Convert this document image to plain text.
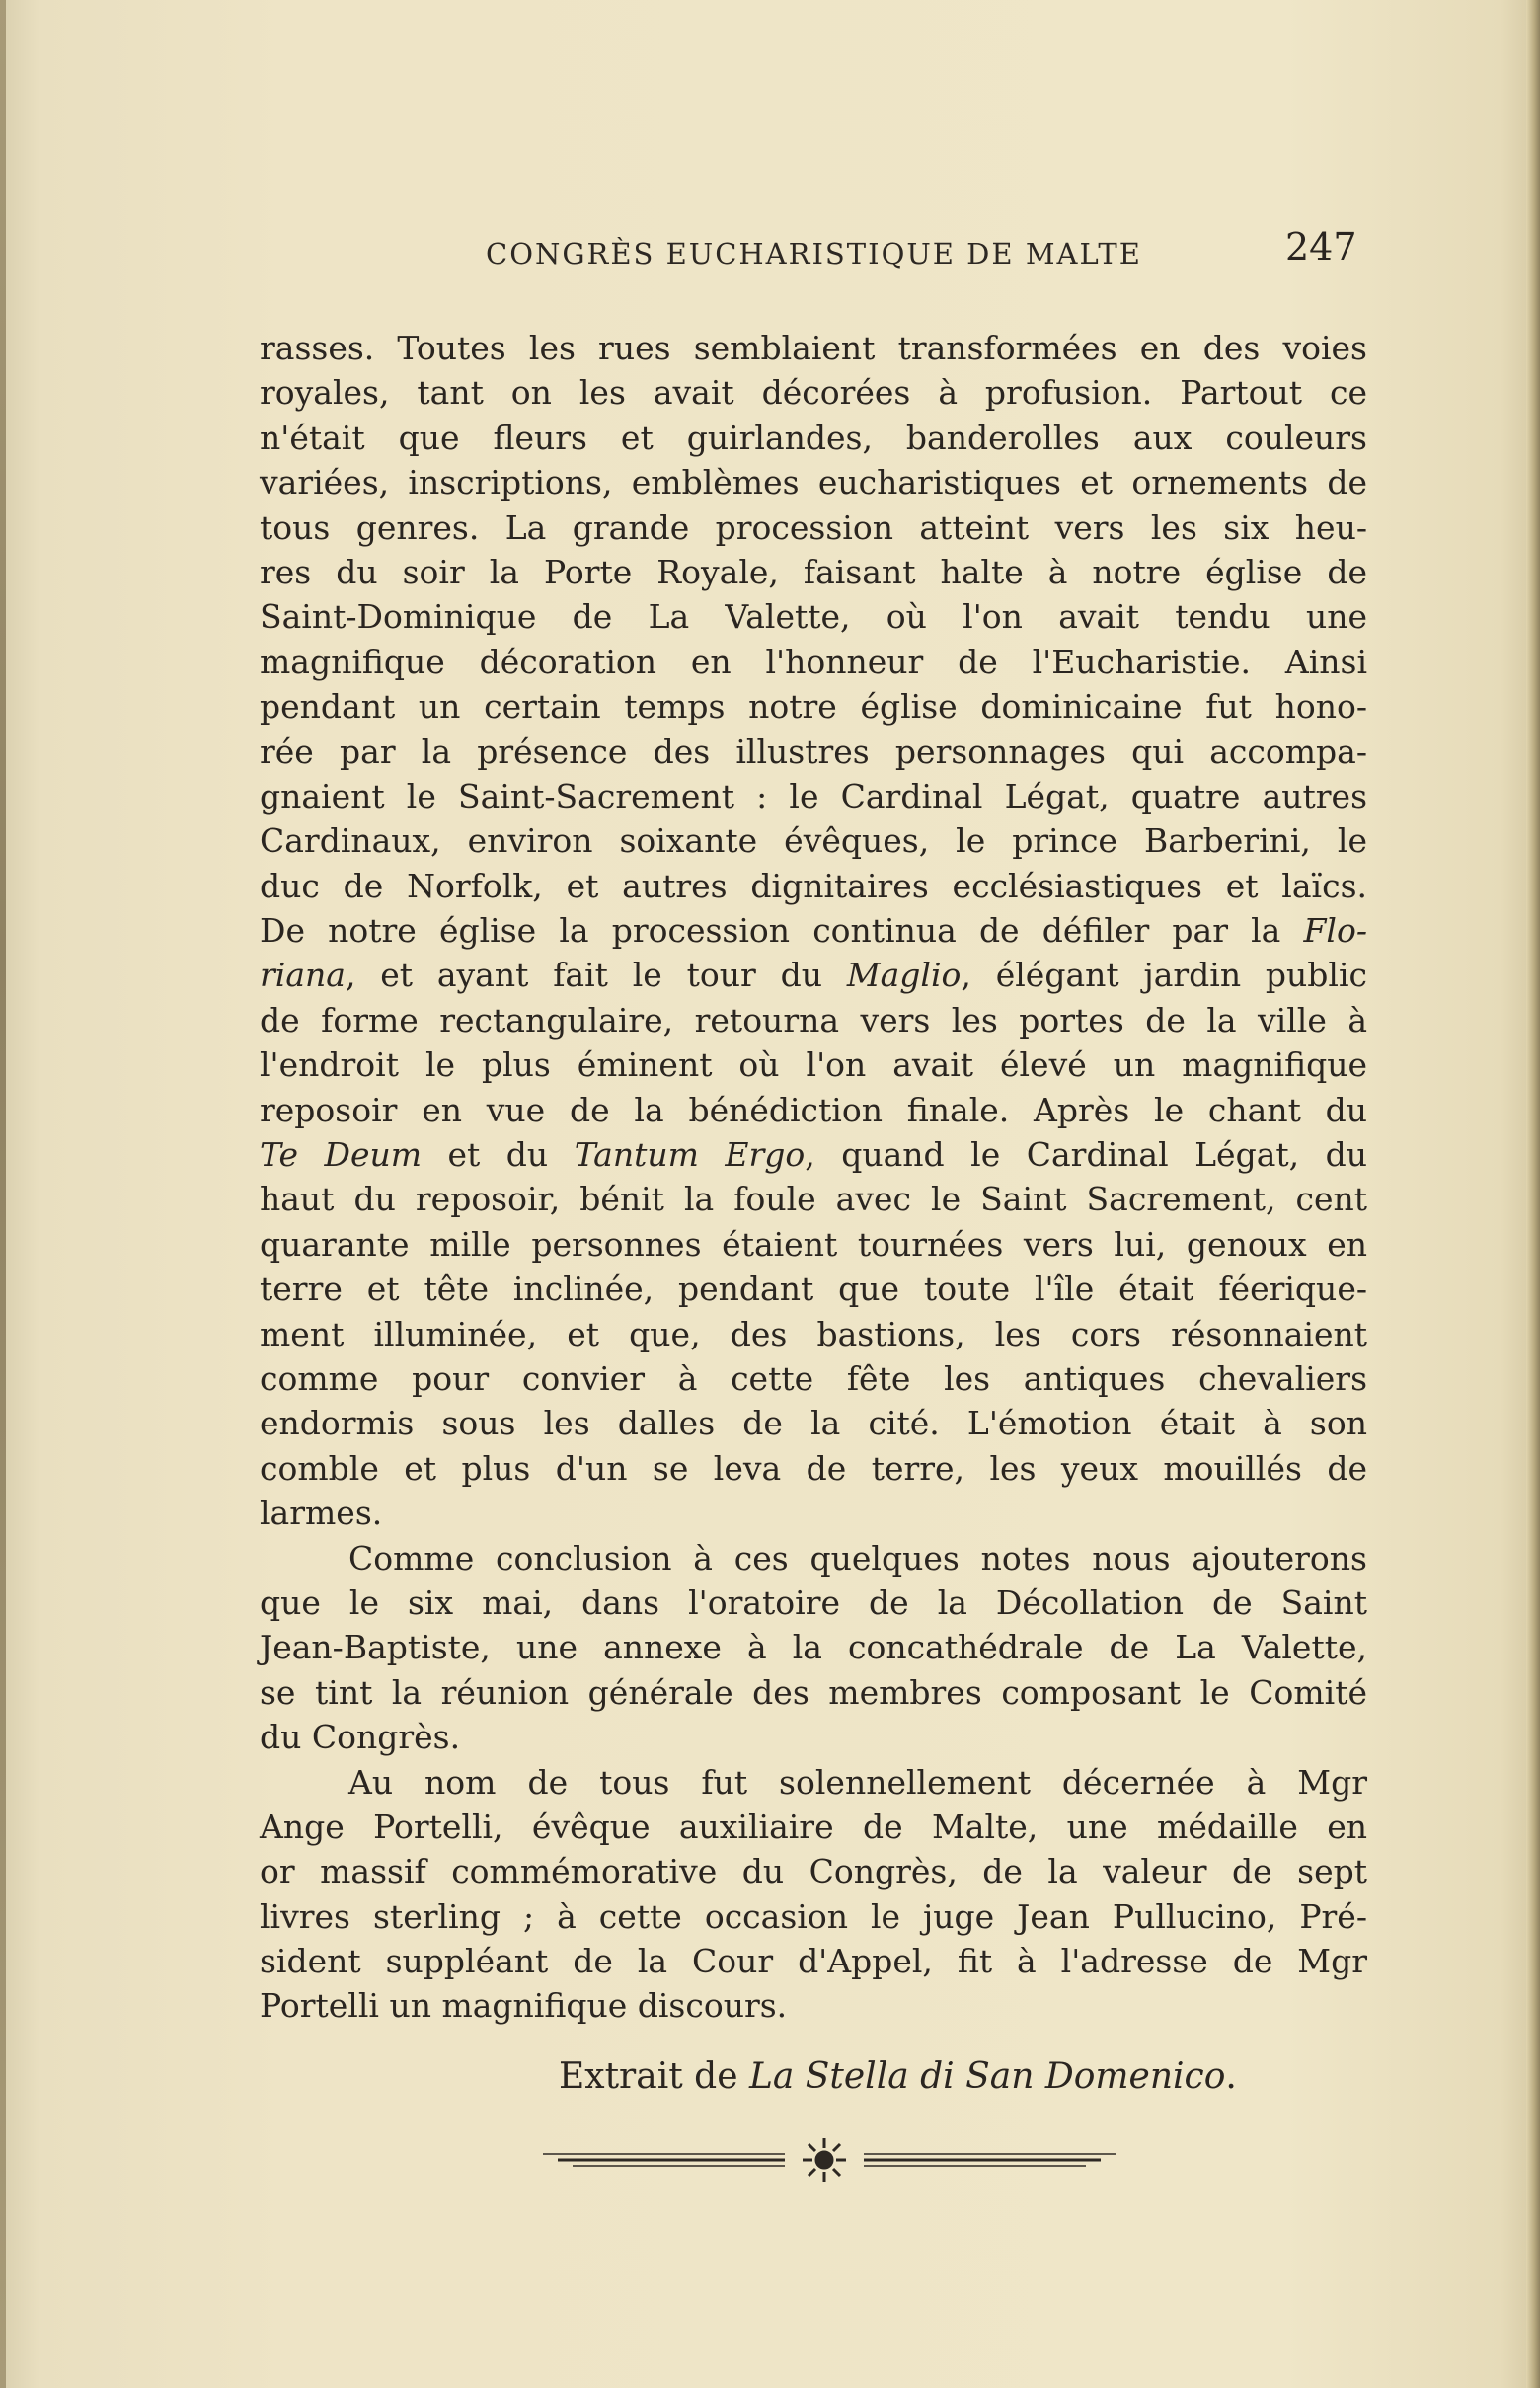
CONGRÈS EUCHARISTIQUE DE MALTE	247
rasses. Toutes les rues semblaient transformées en des voies
royales, tant on les avait décorées à profusion. Partout ce
n'était que fleurs et guirlandes, banderolles aux couleurs
variées, inscriptions, emblèmes eucharistiques et ornements de
tous genres. La grande procession atteint vers les six heu-
res du soir la Porte Royale, faisant halte à notre église de
Saint-Dominique de La Valette, où l'on avait tendu une
magnifique décoration en l'honneur de l'Eucharistie. Ainsi
pendant un certain temps notre église dominicaine fut hono-
rée par la présence des illustres personnages qui accompa-
gnaient le Saint-Sacrement : le Cardinal Légat, quatre autres
Cardinaux, environ soixante évêques, le prince Barberini, le
duc de Norfolk, et autres dignitaires ecclésiastiques et laïcs.
De notre église la procession continua de défiler par la Flo-
riana, et ayant fait le tour du Maglio, élégant jardin public
de forme rectangulaire, retourna vers les portes de la ville à
l'endroit le plus éminent où l'on avait élevé un magnifique
reposoir en vue de la bénédiction finale. Après le chant du
Te Deum et du Tantum Ergo, quand le Cardinal Légat, du
haut du reposoir, bénit la foule avec le Saint Sacrement, cent
quarante mille personnes étaient tournées vers lui, genoux en
terre et tête inclinée, pendant que toute l'île était féerique-
ment illuminée, et que, des bastions, les cors résonnaient
comme pour convier à cette fête les antiques chevaliers
endormis sous les dalles de la cité. L'émotion était à son
comble et plus d'un se leva de terre, les yeux mouillés de
larmes.
Comme conclusion à ces quelques notes nous ajouterons
que le six mai, dans l'oratoire de la Décollation de Saint
Jean-Baptiste, une annexe à la concathédrale de La Valette,
se tint la réunion générale des membres composant le Comité
du Congrès.
Au nom de tous fut solennellement décernée à Mgr
Ange Portelli, évêque auxiliaire de Malte, une médaille en
or massif commémorative du Congrès, de la valeur de sept
livres sterling ; à cette occasion le juge Jean Pullucino, Pré-
sident suppléant de la Cour d'Appel, fit à l'adresse de Mgr
Portelli un magnifique discours.
Extrait de La Stella di San Domenico.
